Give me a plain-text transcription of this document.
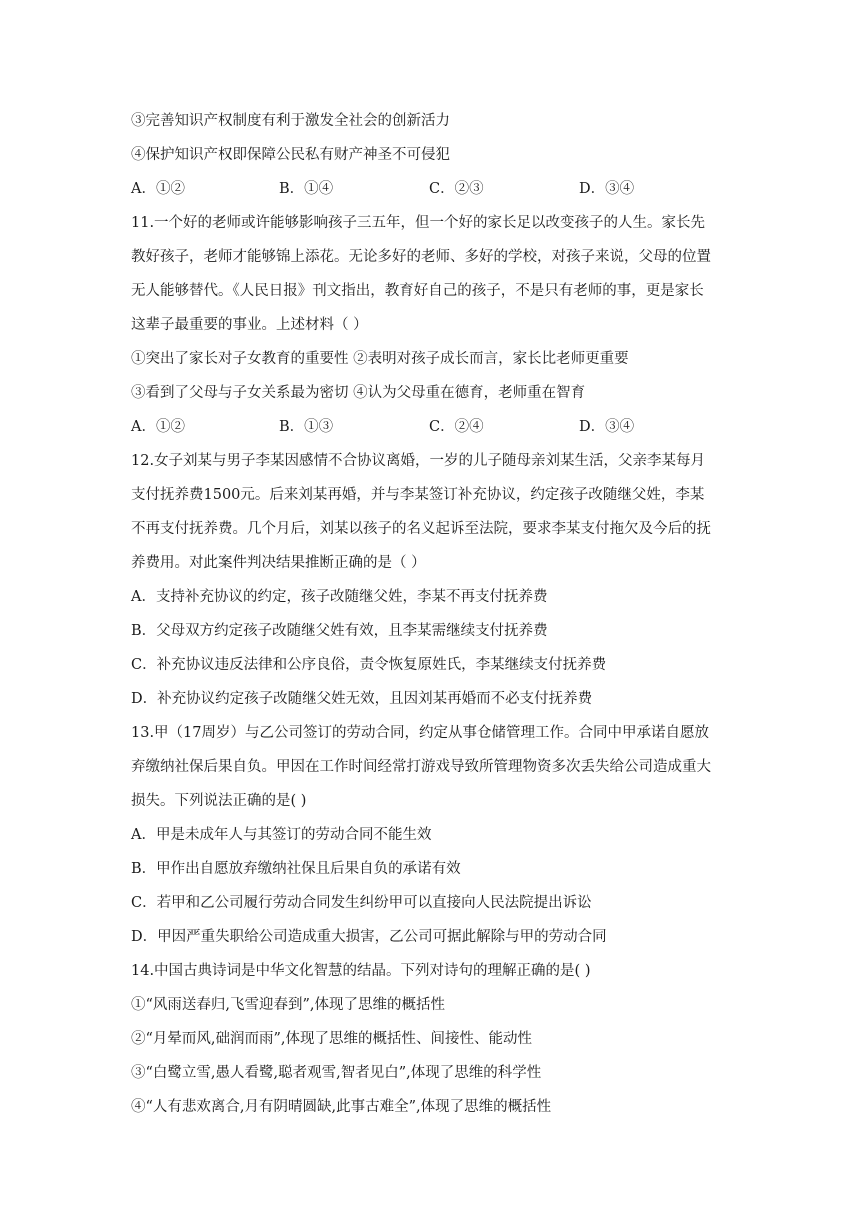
③完善知识产权制度有利于激发全社会的创新活力
④保护知识产权即保障公民私有财产神圣不可侵犯
A．①②	B．①④	C．②③	D．③④
11.一个好的老师或许能够影响孩子三五年，但一个好的家长足以改变孩子的人生。家长先
教好孩子，老师才能够锦上添花。无论多好的老师、多好的学校，对孩子来说，父母的位置
无人能够替代。《人民日报》刊文指出，教育好自己的孩子，不是只有老师的事，更是家长
这辈子最重要的事业。上述材料（ ）
①突出了家长对子女教育的重要性 ②表明对孩子成长而言，家长比老师更重要
③看到了父母与子女关系最为密切 ④认为父母重在德育，老师重在智育
A．①②	B．①③	C．②④	D．③④
12.女子刘某与男子李某因感情不合协议离婚，一岁的儿子随母亲刘某生活，父亲李某每月
支付抚养费1500元。后来刘某再婚，并与李某签订补充协议，约定孩子改随继父姓，李某
不再支付抚养费。几个月后，刘某以孩子的名义起诉至法院，要求李某支付拖欠及今后的抚
养费用。对此案件判决结果推断正确的是（ ）
A．支持补充协议的约定，孩子改随继父姓，李某不再支付抚养费
B．父母双方约定孩子改随继父姓有效，且李某需继续支付抚养费
C．补充协议违反法律和公序良俗，责令恢复原姓氏，李某继续支付抚养费
D．补充协议约定孩子改随继父姓无效，且因刘某再婚而不必支付抚养费
13.甲（17周岁）与乙公司签订的劳动合同，约定从事仓储管理工作。合同中甲承诺自愿放
弃缴纳社保后果自负。甲因在工作时间经常打游戏导致所管理物资多次丢失给公司造成重大
损失。下列说法正确的是( )
A．甲是未成年人与其签订的劳动合同不能生效
B．甲作出自愿放弃缴纳社保且后果自负的承诺有效
C．若甲和乙公司履行劳动合同发生纠纷甲可以直接向人民法院提出诉讼
D．甲因严重失职给公司造成重大损害，乙公司可据此解除与甲的劳动合同
14.中国古典诗词是中华文化智慧的结晶。下列对诗句的理解正确的是( )
①“风雨送春归,飞雪迎春到”,体现了思维的概括性
②“月晕而风,础润而雨”,体现了思维的概括性、间接性、能动性
③“白鹭立雪,愚人看鹭,聪者观雪,智者见白”,体现了思维的科学性
④“人有悲欢离合,月有阴晴圆缺,此事古难全”,体现了思维的概括性
